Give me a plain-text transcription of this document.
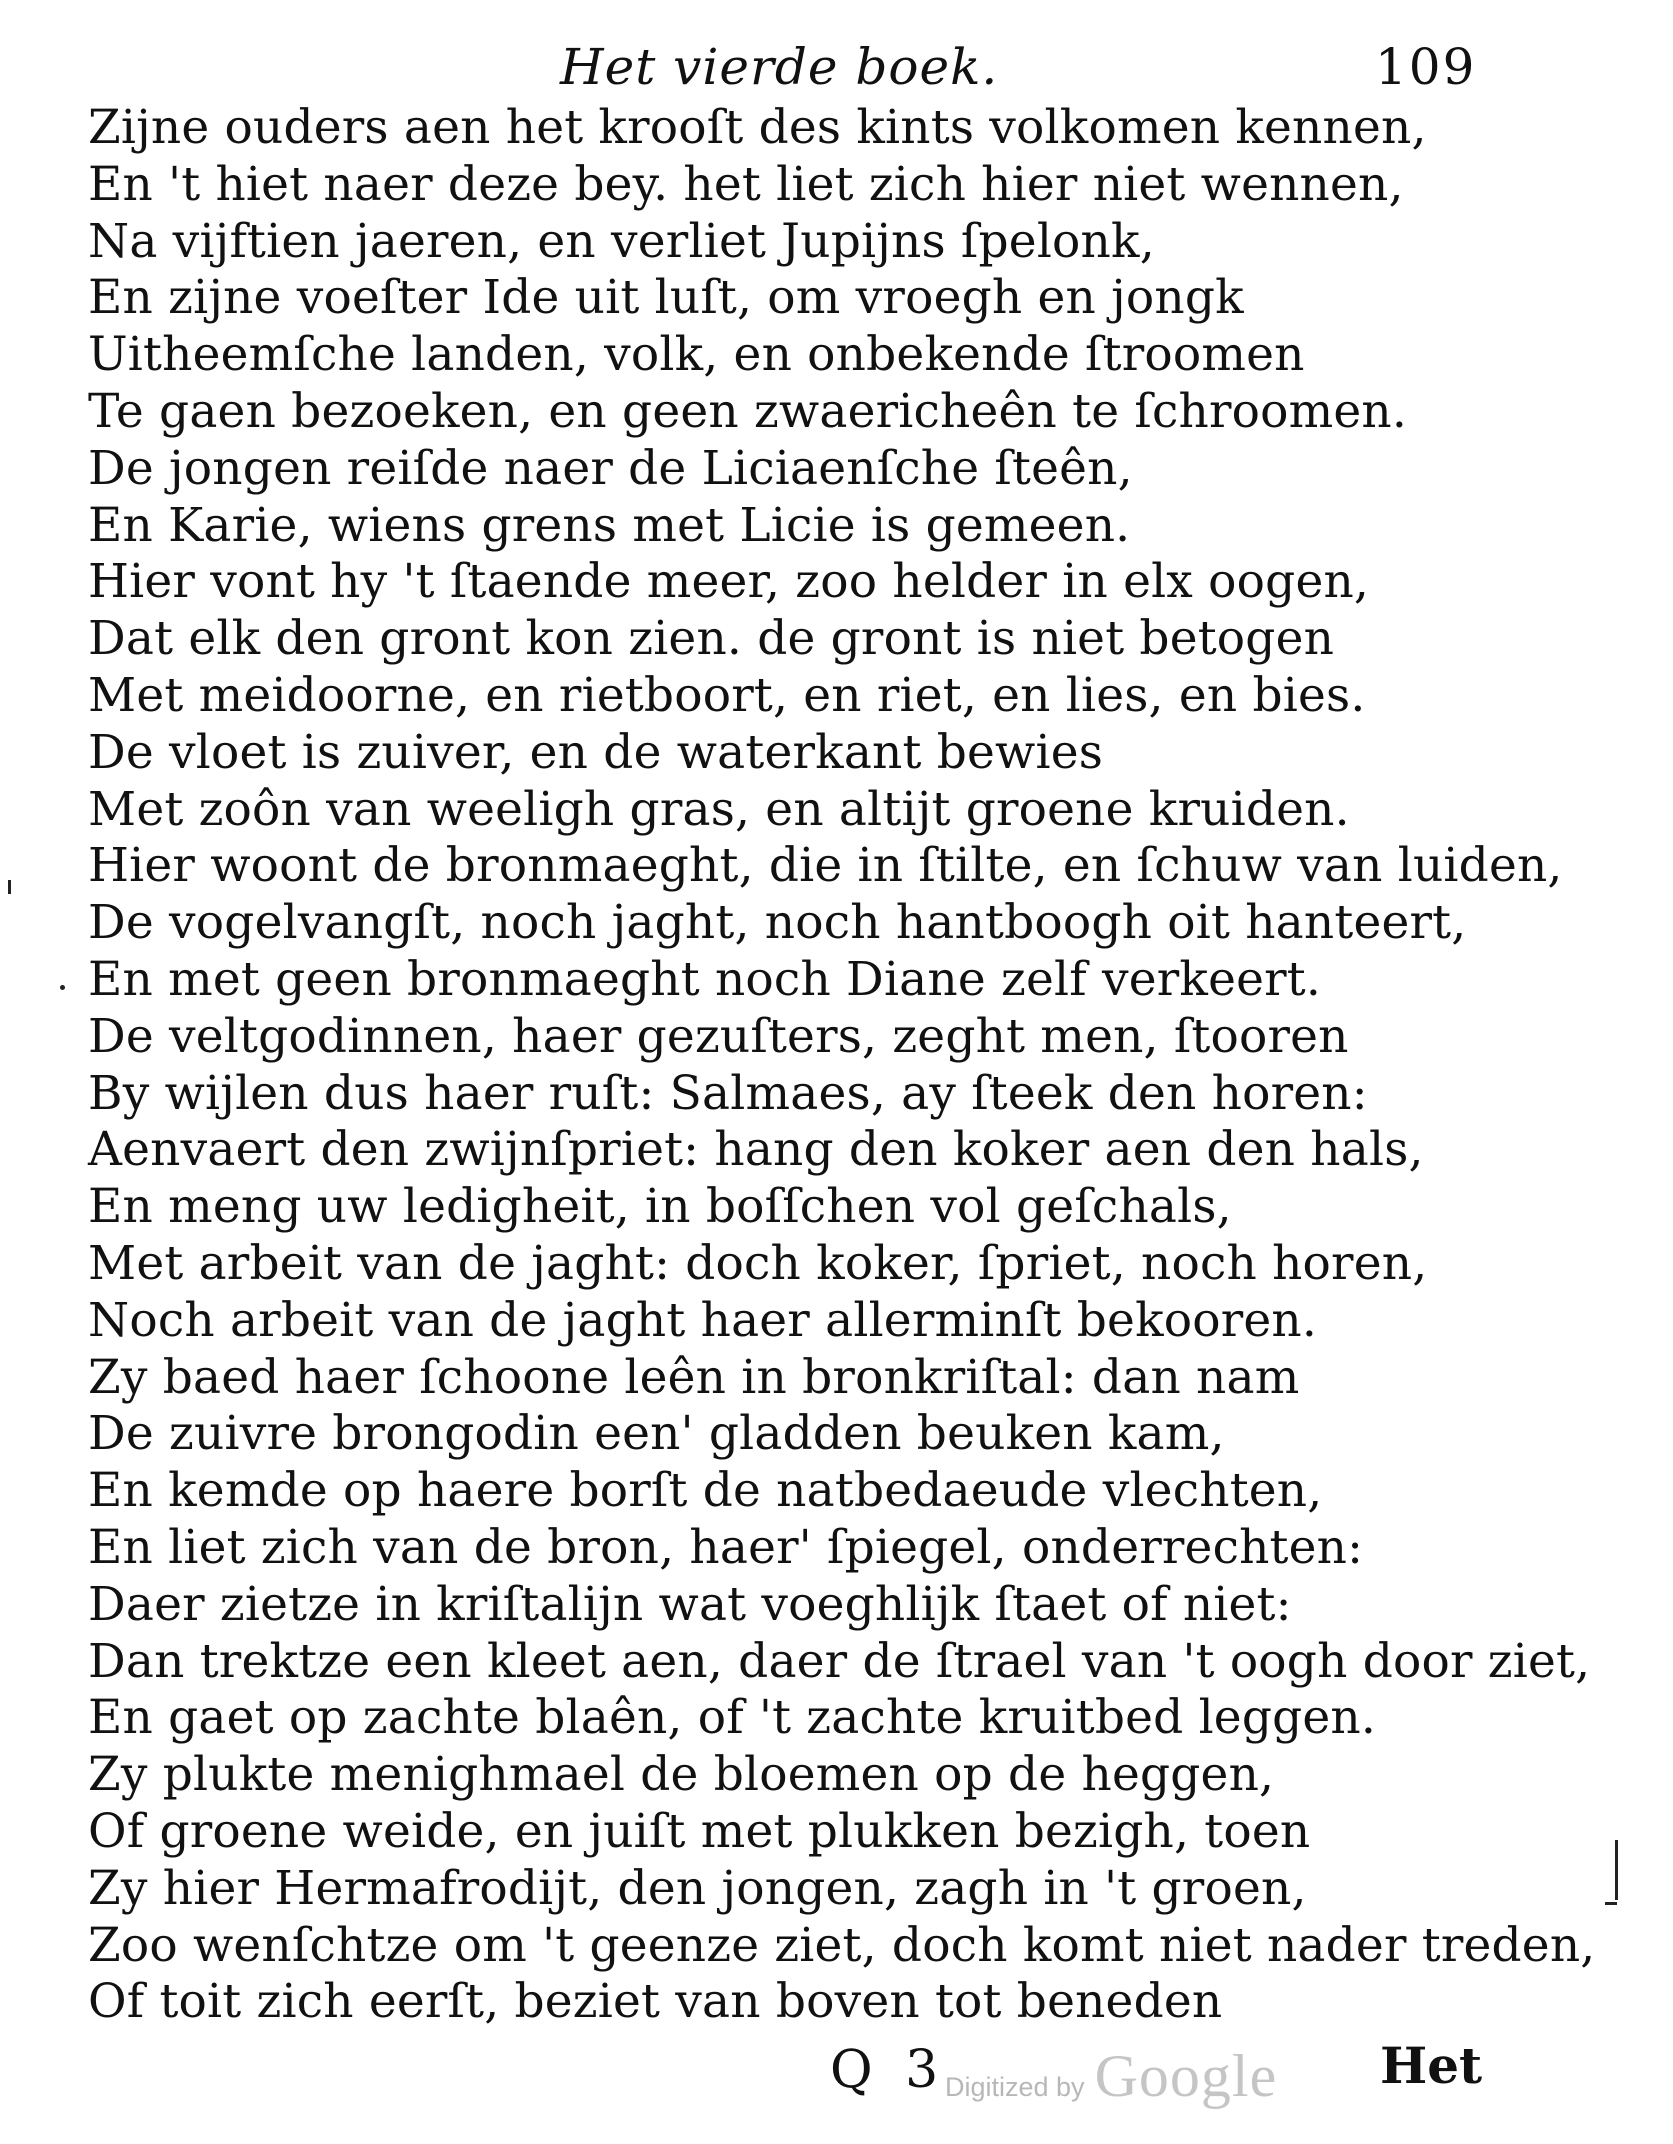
Het vierde boek.	109
Zijne ouders aen het krooſt des kints volkomen kennen,
En 't hiet naer deze bey. het liet zich hier niet wennen,
Na vijftien jaeren, en verliet Jupijns ſpelonk,
En zijne voeſter Ide uit luſt, om vroegh en jongk
Uitheemſche landen, volk, en onbekende ſtroomen
Te gaen bezoeken, en geen zwaericheên te ſchroomen.
De jongen reiſde naer de Liciaenſche ſteên,
En Karie, wiens grens met Licie is gemeen.
Hier vont hy 't ſtaende meer, zoo helder in elx oogen,
Dat elk den gront kon zien. de gront is niet betogen
Met meidoorne, en rietboort, en riet, en lies, en bies.
De vloet is zuiver, en de waterkant bewies
Met zoôn van weeligh gras, en altijt groene kruiden.
Hier woont de bronmaeght, die in ſtilte, en ſchuw van luiden,
De vogelvangſt, noch jaght, noch hantboogh oit hanteert,
En met geen bronmaeght noch Diane zelf verkeert.
De veltgodinnen, haer gezuſters, zeght men, ſtooren
By wijlen dus haer ruſt: Salmaes, ay ſteek den horen:
Aenvaert den zwijnſpriet: hang den koker aen den hals,
En meng uw ledigheit, in boſſchen vol geſchals,
Met arbeit van de jaght: doch koker, ſpriet, noch horen,
Noch arbeit van de jaght haer allerminſt bekooren.
Zy baed haer ſchoone leên in bronkriſtal: dan nam
De zuivre brongodin een' gladden beuken kam,
En kemde op haere borſt de natbedaeude vlechten,
En liet zich van de bron, haer' ſpiegel, onderrechten:
Daer zietze in kriſtalijn wat voeghlijk ſtaet of niet:
Dan trektze een kleet aen, daer de ſtrael van 't oogh door ziet,
En gaet op zachte blaên, of 't zachte kruitbed leggen.
Zy plukte menighmael de bloemen op de heggen,
Of groene weide, en juiſt met plukken bezigh, toen
Zy hier Hermafrodijt, den jongen, zagh in 't groen,
Zoo wenſchtze om 't geenze ziet, doch komt niet nader treden,
Of toit zich eerſt, beziet van boven tot beneden
Q 3
Digitized by Google Het
